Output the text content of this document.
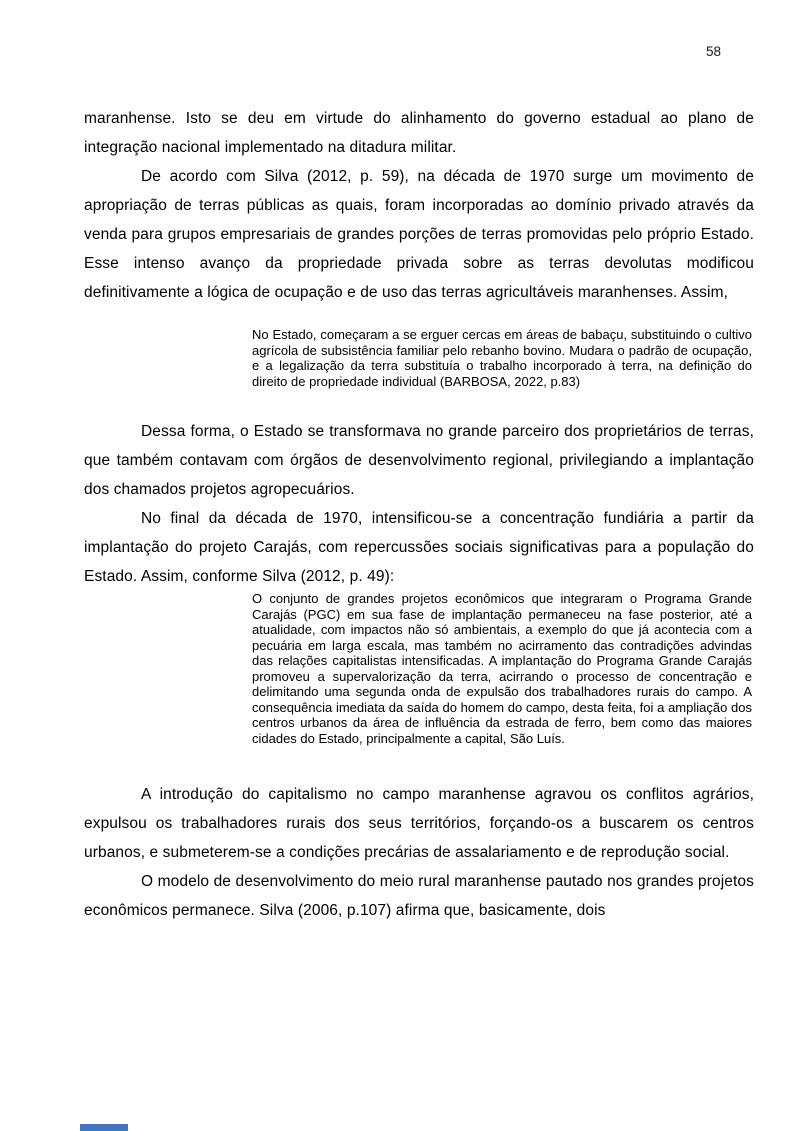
58

maranhense. Isto se deu em virtude do alinhamento do governo estadual ao plano de integração nacional implementado na ditadura militar.

De acordo com Silva (2012, p. 59), na década de 1970 surge um movimento de apropriação de terras públicas as quais, foram incorporadas ao domínio privado através da venda para grupos empresariais de grandes porções de terras promovidas pelo próprio Estado. Esse intenso avanço da propriedade privada sobre as terras devolutas modificou definitivamente a lógica de ocupação e de uso das terras agricultáveis maranhenses. Assim,

No Estado, começaram a se erguer cercas em áreas de babaçu, substituindo o cultivo agrícola de subsistência familiar pelo rebanho bovino. Mudara o padrão de ocupação, e a legalização da terra substituía o trabalho incorporado à terra, na definição do direito de propriedade individual (BARBOSA, 2022, p.83)

Dessa forma, o Estado se transformava no grande parceiro dos proprietários de terras, que também contavam com órgãos de desenvolvimento regional, privilegiando a implantação dos chamados projetos agropecuários.

No final da década de 1970, intensificou-se a concentração fundiária a partir da implantação do projeto Carajás, com repercussões sociais significativas para a população do Estado. Assim, conforme Silva (2012, p. 49):

O conjunto de grandes projetos econômicos que integraram o Programa Grande Carajás (PGC) em sua fase de implantação permaneceu na fase posterior, até a atualidade, com impactos não só ambientais, a exemplo do que já acontecia com a pecuária em larga escala, mas também no acirramento das contradições advindas das relações capitalistas intensificadas. A implantação do Programa Grande Carajás promoveu a supervalorização da terra, acirrando o processo de concentração e delimitando uma segunda onda de expulsão dos trabalhadores rurais do campo. A consequência imediata da saída do homem do campo, desta feita, foi a ampliação dos centros urbanos da área de influência da estrada de ferro, bem como das maiores cidades do Estado, principalmente a capital, São Luís.

A introdução do capitalismo no campo maranhense agravou os conflitos agrários, expulsou os trabalhadores rurais dos seus territórios, forçando-os a buscarem os centros urbanos, e submeterem-se a condições precárias de assalariamento e de reprodução social.

O modelo de desenvolvimento do meio rural maranhense pautado nos grandes projetos econômicos permanece. Silva (2006, p.107) afirma que, basicamente, dois
